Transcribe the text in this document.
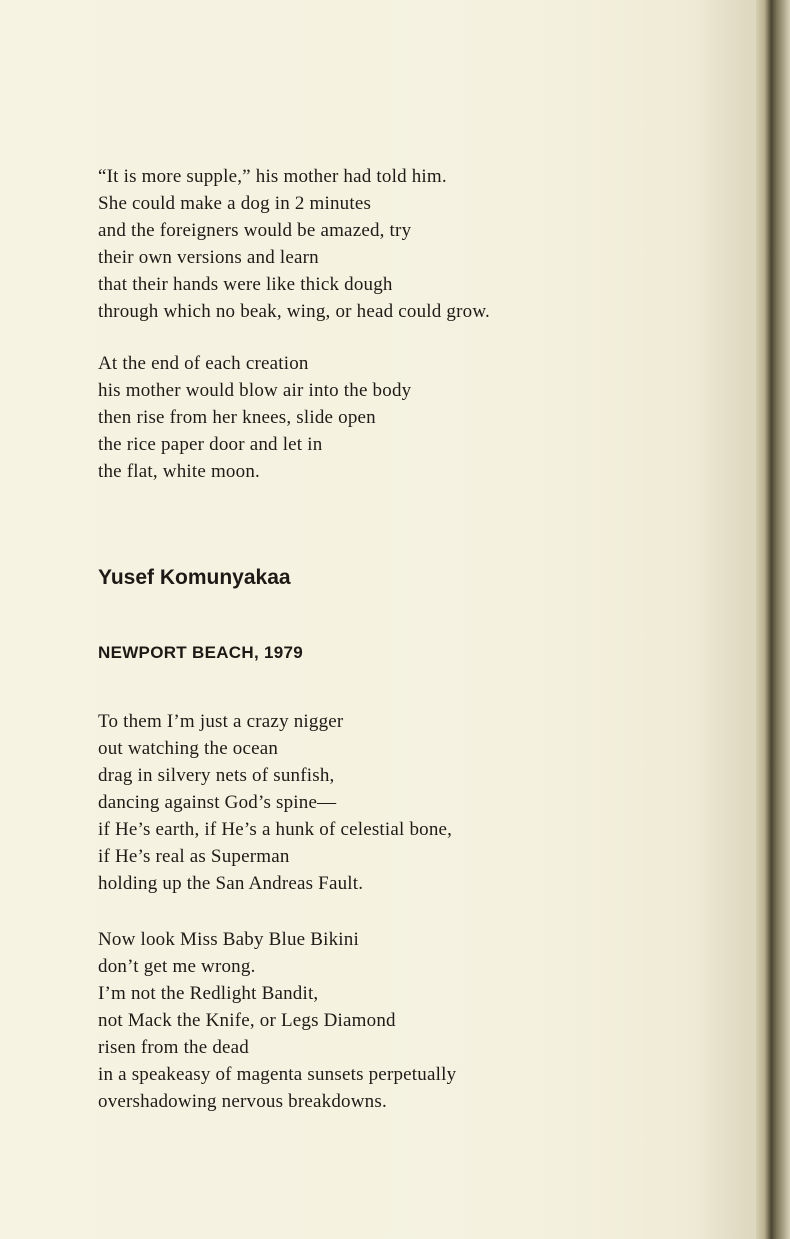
“It is more supple,” his mother had told him.
She could make a dog in 2 minutes
and the foreigners would be amazed, try
their own versions and learn
that their hands were like thick dough
through which no beak, wing, or head could grow.
At the end of each creation
his mother would blow air into the body
then rise from her knees, slide open
the rice paper door and let in
the flat, white moon.
Yusef Komunyakaa
NEWPORT BEACH, 1979
To them I’m just a crazy nigger
out watching the ocean
drag in silvery nets of sunfish,
dancing against God’s spine—
if He’s earth, if He’s a hunk of celestial bone,
if He’s real as Superman
holding up the San Andreas Fault.
Now look Miss Baby Blue Bikini
don’t get me wrong.
I’m not the Redlight Bandit,
not Mack the Knife, or Legs Diamond
risen from the dead
in a speakeasy of magenta sunsets perpetually
overshadowing nervous breakdowns.
